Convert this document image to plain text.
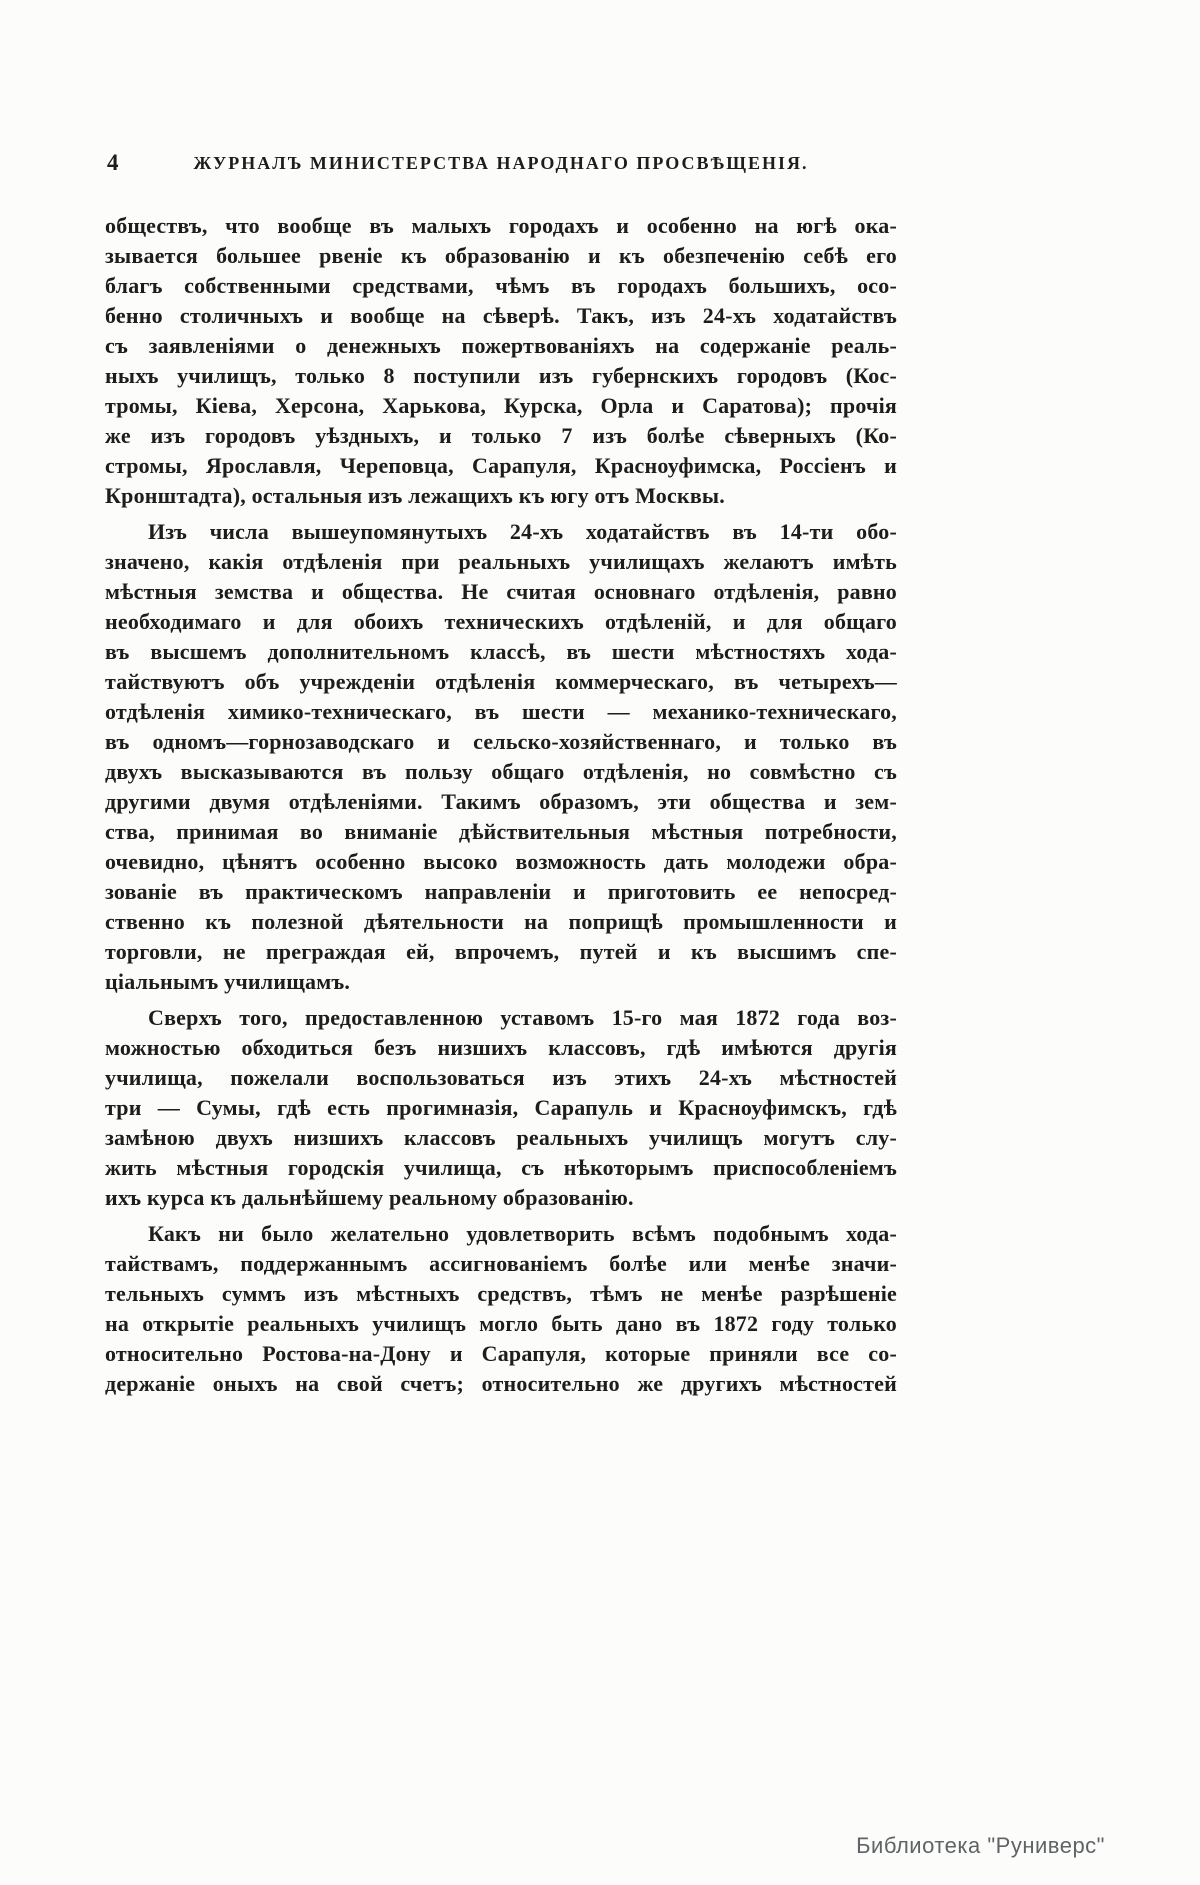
4	ЖУРНАЛЪ МИНИСТЕРСТВА НАРОДНАГО ПРОСВѢЩЕНІЯ.
обществъ, что вообще въ малыхъ городахъ и особенно на югѣ ока-
зывается большее рвеніе къ образованію и къ обезпеченію себѣ его
благъ собственными средствами, чѣмъ въ городахъ большихъ, осо-
бенно столичныхъ и вообще на сѣверѣ. Такъ, изъ 24-хъ ходатайствъ
съ заявленіями о денежныхъ пожертвованіяхъ на содержаніе реаль-
ныхъ училищъ, только 8 поступили изъ губернскихъ городовъ (Кос-
тромы, Кіева, Херсона, Харькова, Курска, Орла и Саратова); прочія
же изъ городовъ уѣздныхъ, и только 7 изъ болѣе сѣверныхъ (Ко-
стромы, Ярославля, Череповца, Сарапуля, Красноуфимска, Россіенъ и
Кронштадта), остальныя изъ лежащихъ къ югу отъ Москвы.
Изъ числа вышеупомянутыхъ 24-хъ ходатайствъ въ 14-ти обо-
значено, какія отдѣленія при реальныхъ училищахъ желаютъ имѣть
мѣстныя земства и общества. Не считая основнаго отдѣленія, равно
необходимаго и для обоихъ техническихъ отдѣленій, и для общаго
въ высшемъ дополнительномъ классѣ, въ шести мѣстностяхъ хода-
тайствуютъ объ учрежденіи отдѣленія коммерческаго, въ четырехъ—
отдѣленія химико-техническаго, въ шести — механико-техническаго,
въ одномъ—горнозаводскаго и сельско-хозяйственнаго, и только въ
двухъ высказываются въ пользу общаго отдѣленія, но совмѣстно съ
другими двумя отдѣленіями. Такимъ образомъ, эти общества и зем-
ства, принимая во вниманіе дѣйствительныя мѣстныя потребности,
очевидно, цѣнятъ особенно высоко возможность дать молодежи обра-
зованіе въ практическомъ направленіи и приготовить ее непосред-
ственно къ полезной дѣятельности на поприщѣ промышленности и
торговли, не преграждая ей, впрочемъ, путей и къ высшимъ спе-
ціальнымъ училищамъ.
Сверхъ того, предоставленною уставомъ 15-го мая 1872 года воз-
можностью обходиться безъ низшихъ классовъ, гдѣ имѣются другія
училища, пожелали воспользоваться изъ этихъ 24-хъ мѣстностей
три — Сумы, гдѣ есть прогимназія, Сарапуль и Красноуфимскъ, гдѣ
замѣною двухъ низшихъ классовъ реальныхъ училищъ могутъ слу-
жить мѣстныя городскія училища, съ нѣкоторымъ приспособленіемъ
ихъ курса къ дальнѣйшему реальному образованію.
Какъ ни было желательно удовлетворить всѣмъ подобнымъ хода-
тайствамъ, поддержаннымъ ассигнованіемъ болѣе или менѣе значи-
тельныхъ суммъ изъ мѣстныхъ средствъ, тѣмъ не менѣе разрѣшеніе
на открытіе реальныхъ училищъ могло быть дано въ 1872 году только
относительно Ростова-на-Дону и Сарапуля, которые приняли все со-
держаніе оныхъ на свой счетъ; относительно же другихъ мѣстностей
Библиотека "Руниверс"
